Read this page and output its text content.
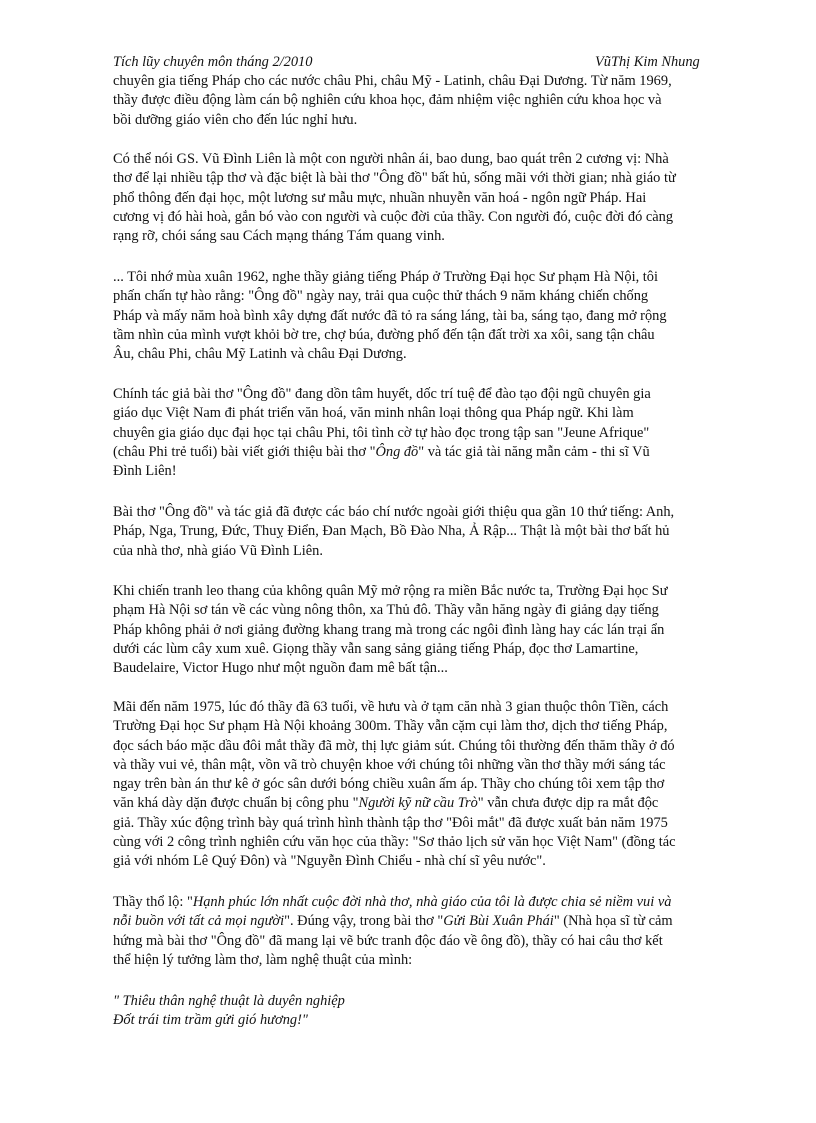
Tích lũy chuyên môn tháng 2/2010	VũThị Kim Nhung
chuyên gia tiếng Pháp cho các nước châu Phi, châu Mỹ - Latinh, châu Đại Dương. Từ năm 1969,
thầy được điều động làm cán bộ nghiên cứu khoa học, đảm nhiệm việc nghiên cứu khoa học và
bồi dưỡng giáo viên cho đến lúc nghỉ hưu.
Có thể nói GS. Vũ Đình Liên là một con người nhân ái, bao dung, bao quát trên 2 cương vị: Nhà
thơ để lại nhiều tập thơ và đặc biệt là bài thơ "Ông đồ" bất hủ, sống mãi với thời gian; nhà giáo từ
phổ thông đến đại học, một lương sư mẫu mực, nhuần nhuyễn văn hoá - ngôn ngữ Pháp. Hai
cương vị đó hài hoà, gắn bó vào con người và cuộc đời của thầy. Con người đó, cuộc đời đó càng
rạng rỡ, chói sáng sau Cách mạng tháng Tám quang vinh.
... Tôi nhớ mùa xuân 1962, nghe thầy giảng tiếng Pháp ở Trường Đại học Sư phạm Hà Nội, tôi
phấn chấn tự hào rằng: "Ông đồ" ngày nay, trải qua cuộc thử thách 9 năm kháng chiến chống
Pháp và mấy năm hoà bình xây dựng đất nước đã tỏ ra sáng láng, tài ba, sáng tạo, đang mở rộng
tầm nhìn của mình vượt khỏi bờ tre, chợ búa, đường phố đến tận đất trời xa xôi, sang tận châu
Âu, châu Phi, châu Mỹ Latinh và châu Đại Dương.
Chính tác giả bài thơ "Ông đồ" đang dồn tâm huyết, dốc trí tuệ để đào tạo đội ngũ chuyên gia
giáo dục Việt Nam đi phát triển văn hoá, văn minh nhân loại thông qua Pháp ngữ. Khi làm
chuyên gia giáo dục đại học tại châu Phi, tôi tình cờ tự hào đọc trong tập san "Jeune Afrique"
(châu Phi trẻ tuổi) bài viết giới thiệu bài thơ "Ông đồ" và tác giả tài năng mẫn cảm - thi sĩ Vũ
Đình Liên!
Bài thơ "Ông đồ" và tác giả đã được các báo chí nước ngoài giới thiệu qua gần 10 thứ tiếng: Anh,
Pháp, Nga, Trung, Đức, Thuỵ Điển, Đan Mạch, Bồ Đào Nha, Ả Rập... Thật là một bài thơ bất hủ
của nhà thơ, nhà giáo Vũ Đình Liên.
Khi chiến tranh leo thang của không quân Mỹ mở rộng ra miền Bắc nước ta, Trường Đại học Sư
phạm Hà Nội sơ tán về các vùng nông thôn, xa Thủ đô. Thầy vẫn hăng ngày đi giảng dạy tiếng
Pháp không phải ở nơi giảng đường khang trang mà trong các ngôi đình làng hay các lán trại ẩn
dưới các lùm cây xum xuê. Giọng thầy vẫn sang sảng giảng tiếng Pháp, đọc thơ Lamartine,
Baudelaire, Victor Hugo như một nguồn đam mê bất tận...
Mãi đến năm 1975, lúc đó thầy đã 63 tuổi, về hưu và ở tạm căn nhà 3 gian thuộc thôn Tiền, cách
Trường Đại học Sư phạm Hà Nội khoảng 300m. Thầy vẫn cặm cụi làm thơ, dịch thơ tiếng Pháp,
đọc sách báo mặc dầu đôi mắt thầy đã mờ, thị lực giảm sút. Chúng tôi thường đến thăm thầy ở đó
và thầy vui vẻ, thân mật, vồn vã trò chuyện khoe với chúng tôi những vần thơ thầy mới sáng tác
ngay trên bàn án thư kê ở góc sân dưới bóng chiều xuân ấm áp. Thầy cho chúng tôi xem tập thơ
văn khá dày dặn được chuẩn bị công phu "Người kỹ nữ cầu Trò" vẫn chưa được dịp ra mắt độc
giả. Thầy xúc động trình bày quá trình hình thành tập thơ "Đôi mắt" đã được xuất bản năm 1975
cùng với 2 công trình nghiên cứu văn học của thầy: "Sơ thảo lịch sử văn học Việt Nam" (đồng tác
giả với nhóm Lê Quý Đôn) và "Nguyễn Đình Chiểu - nhà chí sĩ yêu nước".
Thầy thổ lộ: "Hạnh phúc lớn nhất cuộc đời nhà thơ, nhà giáo của tôi là được chia sẻ niềm vui và
nỗi buồn với tất cả mọi người". Đúng vậy, trong bài thơ "Gửi Bùi Xuân Phái" (Nhà họa sĩ từ cảm
hứng mà bài thơ "Ông đồ" đã mang lại vẽ bức tranh độc đáo về ông đồ), thầy có hai câu thơ kết
thể hiện lý tưởng làm thơ, làm nghệ thuật của mình:
" Thiêu thân nghệ thuật là duyên nghiệp
Đốt trái tim trầm gửi gió hương!"
